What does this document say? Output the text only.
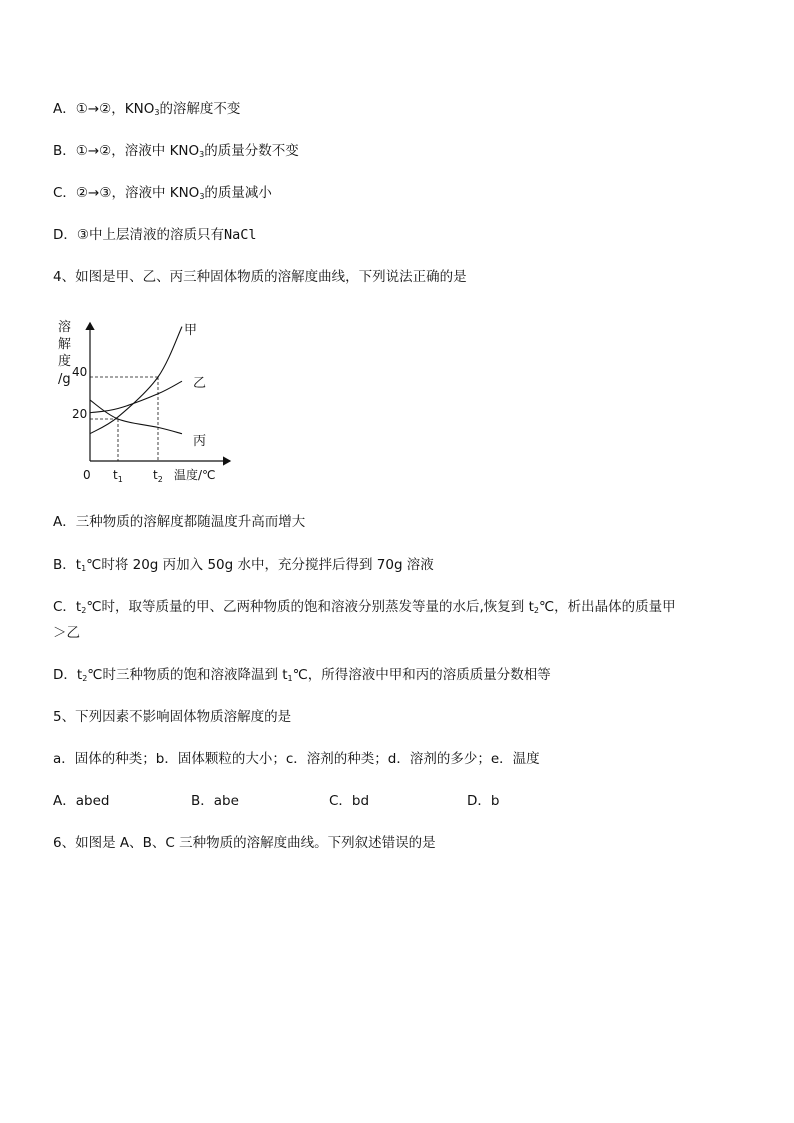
A．①→②，$KNO_3$的溶解度不变
B．①→②，溶液中 $KNO_3$的质量分数不变
C．②→③，溶液中 $KNO_3$的质量减小
D．③中上层清液的溶质只有NaCl
4、如图是甲、乙、丙三种固体物质的溶解度曲线，下列说法正确的是
溶
解
度
/g 40
20
0 $t_1$	$t_2$ 温度/℃
甲
乙
丙
A．三种物质的溶解度都随温度升高而增大
B．$t_1℃$时将 20g 丙加入 50g 水中，充分搅拌后得到 70g 溶液
C．$t_2℃$时，取等质量的甲、乙两种物质的饱和溶液分别蒸发等量的水后,恢复到 $t_2℃$，析出晶体的质量甲
＞乙
D．$t_2℃$时三种物质的饱和溶液降温到 $t_1℃$，所得溶液中甲和丙的溶质质量分数相等
5、下列因素不影响固体物质溶解度的是
a．固体的种类；b．固体颗粒的大小；c．溶剂的种类；d．溶剂的多少；e．温度
A．abed	B．abe	C．bd	D．b
6、如图是 A、B、C 三种物质的溶解度曲线。下列叙述错误的是
